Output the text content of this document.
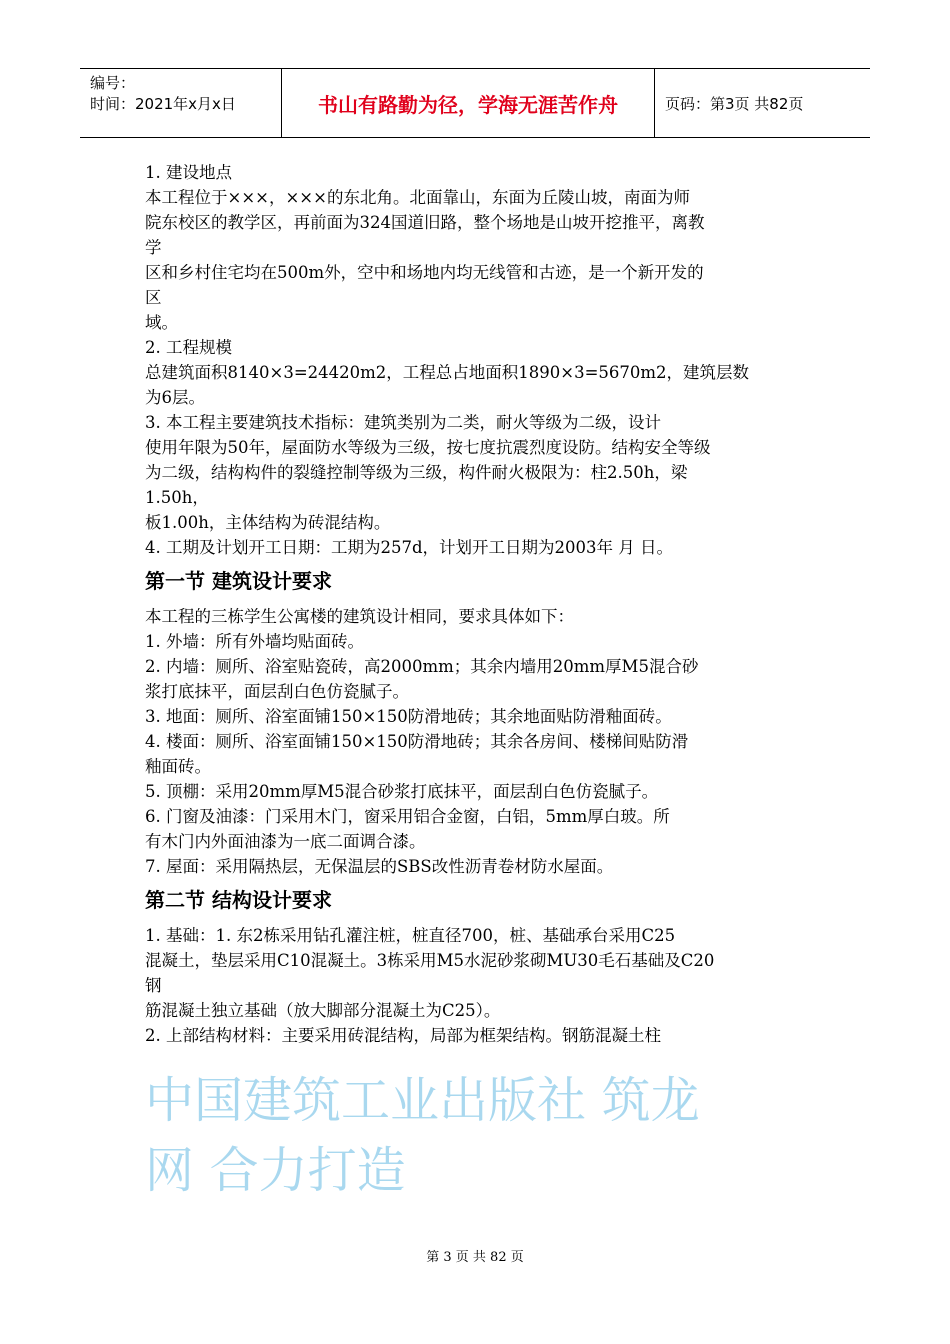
编号：
时间：2021年x月x日	书山有路勤为径，学海无涯苦作舟	页码：第3页 共82页
1. 建设地点
本工程位于×××，×××的东北角。北面靠山，东面为丘陵山坡，南面为师
院东校区的教学区，再前面为324国道旧路，整个场地是山坡开挖推平，离教
学
区和乡村住宅均在500m外，空中和场地内均无线管和古迹，是一个新开发的
区
域。
2. 工程规模
总建筑面积8140×3=24420m2，工程总占地面积1890×3=5670m2，建筑层数
为6层。
3. 本工程主要建筑技术指标：建筑类别为二类，耐火等级为二级，设计
使用年限为50年，屋面防水等级为三级，按七度抗震烈度设防。结构安全等级
为二级，结构构件的裂缝控制等级为三级，构件耐火极限为：柱2.50h，梁
1.50h，
板1.00h，主体结构为砖混结构。
4. 工期及计划开工日期：工期为257d，计划开工日期为2003年 月 日。
第一节 建筑设计要求
本工程的三栋学生公寓楼的建筑设计相同，要求具体如下：
1. 外墙：所有外墙均贴面砖。
2. 内墙：厕所、浴室贴瓷砖，高2000mm；其余内墙用20mm厚M5混合砂
浆打底抹平，面层刮白色仿瓷腻子。
3. 地面：厕所、浴室面铺150×150防滑地砖；其余地面贴防滑釉面砖。
4. 楼面：厕所、浴室面铺150×150防滑地砖；其余各房间、楼梯间贴防滑
釉面砖。
5. 顶棚：采用20mm厚M5混合砂浆打底抹平，面层刮白色仿瓷腻子。
6. 门窗及油漆：门采用木门，窗采用铝合金窗，白铝，5mm厚白玻。所
有木门内外面油漆为一底二面调合漆。
7. 屋面：采用隔热层，无保温层的SBS改性沥青卷材防水屋面。
第二节 结构设计要求
1. 基础：1. 东2栋采用钻孔灌注桩，桩直径700，桩、基础承台采用C25
混凝土，垫层采用C10混凝土。3栋采用M5水泥砂浆砌MU30毛石基础及C20
钢
筋混凝土独立基础（放大脚部分混凝土为C25）。
2. 上部结构材料：主要采用砖混结构，局部为框架结构。钢筋混凝土柱
中国建筑工业出版社 筑龙
网 合力打造
第 3 页 共 82 页
